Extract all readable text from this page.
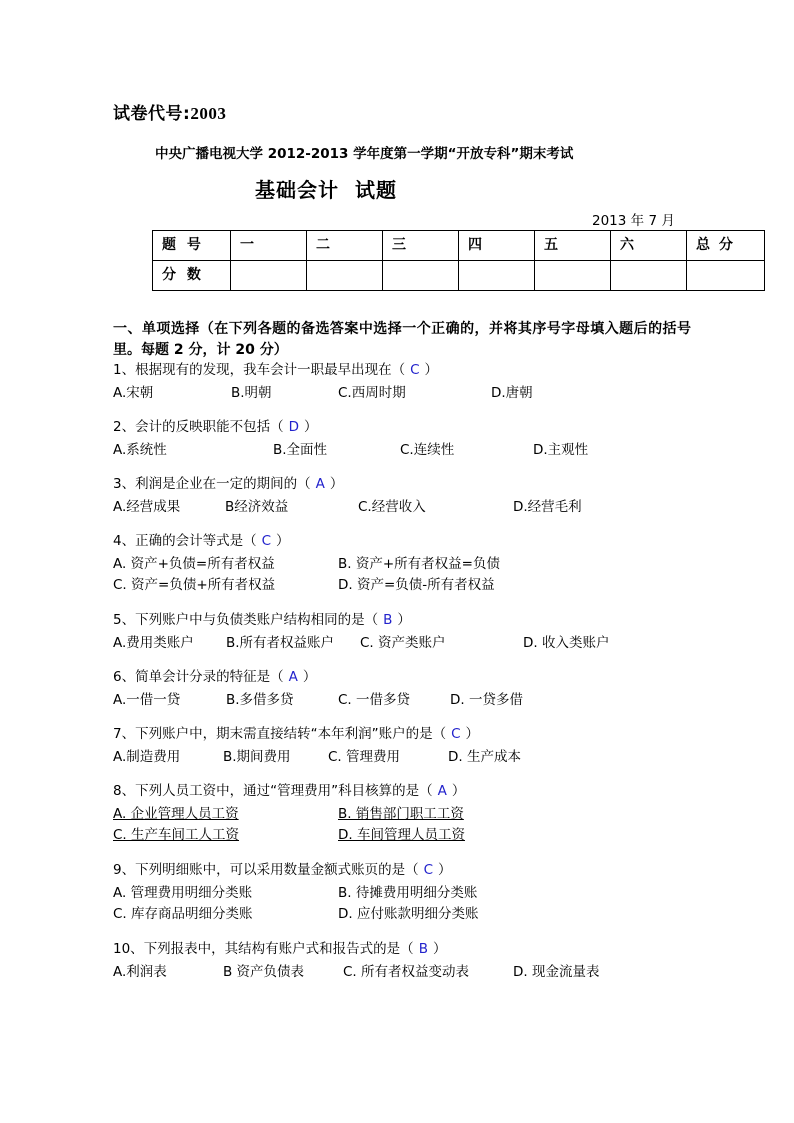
试卷代号:2003
中央广播电视大学 2012-2013 学年度第一学期“开放专科”期末考试
基础会计 试题
2013 年 7 月
题 号	一	二	三	四	五	六	总 分
分 数							
一、单项选择（在下列各题的备选答案中选择一个正确的，并将其序号字母填入题后的括号里。每题 2 分，计 20 分）
1、根据现有的发现，我车会计一职最早出现在（ C ）
A.宋朝	B.明朝	C.西周时期	D.唐朝
2、会计的反映职能不包括（ D ）
A.系统性	B.全面性	C.连续性	D.主观性
3、利润是企业在一定的期间的（ A ）
A.经营成果	B经济效益	C.经营收入	D.经营毛利
4、正确的会计等式是（ C ）
A. 资产+负债=所有者权益	B. 资产+所有者权益=负债
C. 资产=负债+所有者权益	D. 资产=负债-所有者权益
5、下列账户中与负债类账户结构相同的是（ B ）
A.费用类账户 B.所有者权益账户 C. 资产类账户	D. 收入类账户
6、简单会计分录的特征是（ A ）
A.一借一贷	B.多借多贷	C. 一借多贷	D. 一贷多借
7、下列账户中，期末需直接结转“本年利润”账户的是（ C ）
A.制造费用	B.期间费用	C. 管理费用	D. 生产成本
8、下列人员工资中，通过“管理费用”科目核算的是（ A ）
A. 企业管理人员工资	B. 销售部门职工工资
C. 生产车间工人工资	D. 车间管理人员工资
9、下列明细账中，可以采用数量金额式账页的是（ C ）
A. 管理费用明细分类账	B. 待摊费用明细分类账
C. 库存商品明细分类账	D. 应付账款明细分类账
10、下列报表中，其结构有账户式和报告式的是（ B ）
A.利润表	B 资产负债表	C. 所有者权益变动表	D. 现金流量表
